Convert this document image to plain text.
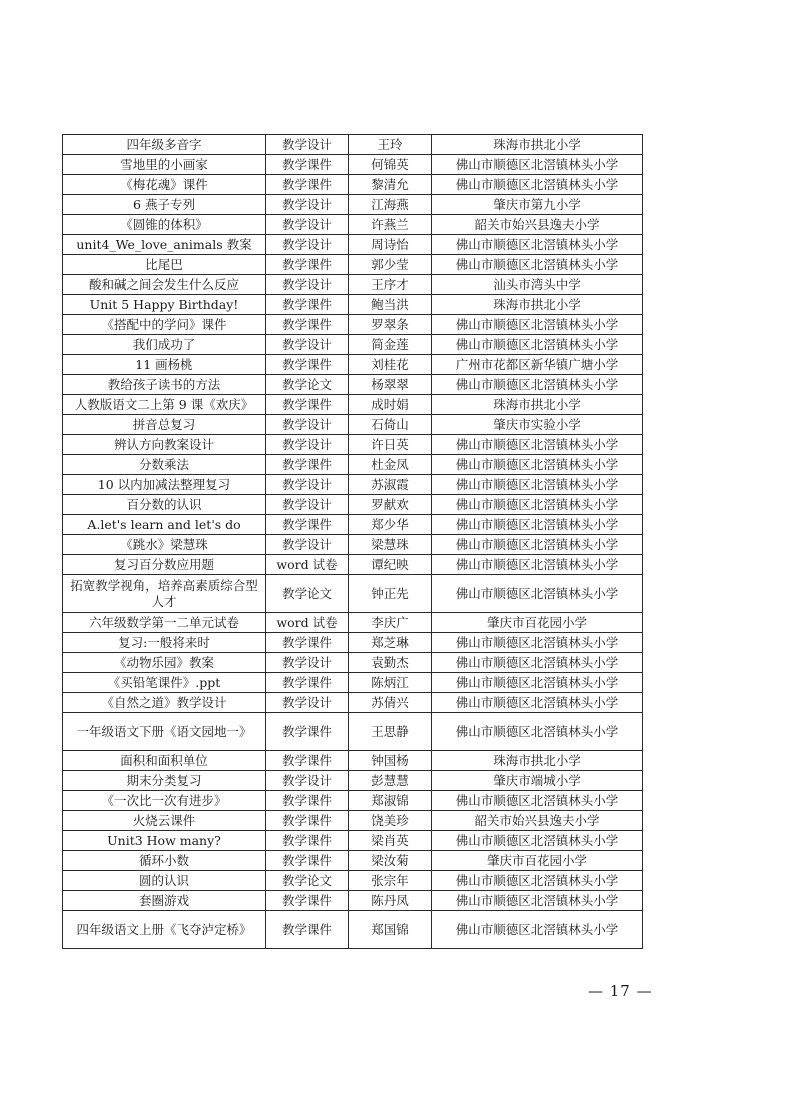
四年级多音字	教学设计	王玲	珠海市拱北小学
雪地里的小画家	教学课件	何锦英	佛山市顺德区北滘镇林头小学
《梅花魂》课件	教学课件	黎清允	佛山市顺德区北滘镇林头小学
6 燕子专列	教学设计	江海燕	肇庆市第九小学
《圆锥的体积》	教学设计	许燕兰	韶关市始兴县逸夫小学
unit4_We_love_animals 教案	教学设计	周诗怡	佛山市顺德区北滘镇林头小学
比尾巴	教学课件	郭少莹	佛山市顺德区北滘镇林头小学
酸和碱之间会发生什么反应	教学设计	王序才	汕头市湾头中学
Unit 5 Happy Birthday!	教学课件	鲍当洪	珠海市拱北小学
《搭配中的学问》课件	教学课件	罗翠条	佛山市顺德区北滘镇林头小学
我们成功了	教学设计	简金莲	佛山市顺德区北滘镇林头小学
11 画杨桃	教学课件	刘桂花	广州市花都区新华镇广塘小学
教给孩子读书的方法	教学论文	杨翠翠	佛山市顺德区北滘镇林头小学
人教版语文二上第 9 课《欢庆》	教学课件	成时娟	珠海市拱北小学
拼音总复习	教学设计	石倚山	肇庆市实验小学
辨认方向教案设计	教学设计	许日英	佛山市顺德区北滘镇林头小学
分数乘法	教学课件	杜金凤	佛山市顺德区北滘镇林头小学
10 以内加减法整理复习	教学设计	苏淑霞	佛山市顺德区北滘镇林头小学
百分数的认识	教学设计	罗献欢	佛山市顺德区北滘镇林头小学
A.let's learn and let's do	教学课件	郑少华	佛山市顺德区北滘镇林头小学
《跳水》梁慧珠	教学设计	梁慧珠	佛山市顺德区北滘镇林头小学
复习百分数应用题	word 试卷	谭纪映	佛山市顺德区北滘镇林头小学
拓宽教学视角，培养高素质综合型人才	教学论文	钟正先	佛山市顺德区北滘镇林头小学
六年级数学第一二单元试卷	word 试卷	李庆广	肇庆市百花园小学
复习:一般将来时	教学课件	郑芝琳	佛山市顺德区北滘镇林头小学
《动物乐园》教案	教学设计	袁勤杰	佛山市顺德区北滘镇林头小学
《买铅笔课件》.ppt	教学课件	陈炳江	佛山市顺德区北滘镇林头小学
《自然之道》教学设计	教学设计	苏倩兴	佛山市顺德区北滘镇林头小学
一年级语文下册《语文园地一》	教学课件	王思静	佛山市顺德区北滘镇林头小学
面积和面积单位	教学课件	钟国杨	珠海市拱北小学
期末分类复习	教学设计	彭慧慧	肇庆市端城小学
《一次比一次有进步》	教学课件	郑淑锦	佛山市顺德区北滘镇林头小学
火烧云课件	教学课件	饶美珍	韶关市始兴县逸夫小学
Unit3 How many?	教学课件	梁肖英	佛山市顺德区北滘镇林头小学
循环小数	教学课件	梁汝菊	肇庆市百花园小学
圆的认识	教学论文	张宗年	佛山市顺德区北滘镇林头小学
套圈游戏	教学课件	陈丹凤	佛山市顺德区北滘镇林头小学
四年级语文上册《飞夺泸定桥》	教学课件	郑国锦	佛山市顺德区北滘镇林头小学
— 17 —
